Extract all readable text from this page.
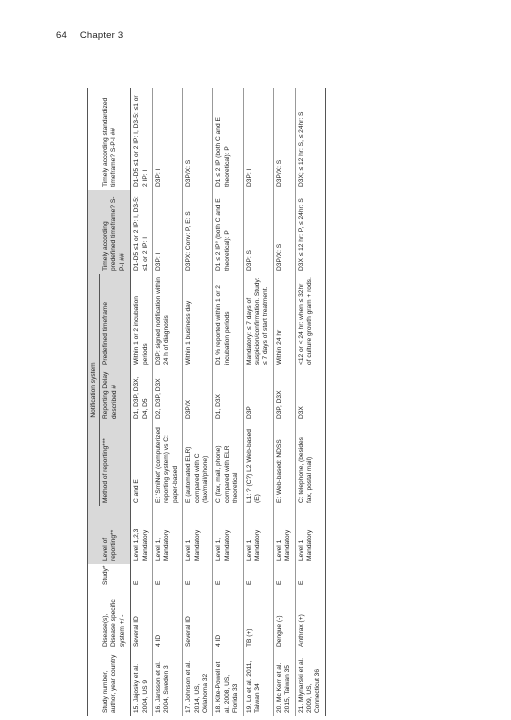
64 Chapter 3
				Notification system				
Study number, author, year country	Disease(s), Disease specific system +/ -	Study*	Level of reporting**	Method of reporting***	Reporting Delay described #	Predefined timeframe	Timely according predefined timeframe? S-P-I ##	Timely according standardized timeframe? S-P-I ##
15. Jajosky et al. 2004, US 9	Several ID	E	Level 1,2,3 Mandatory	C and E	D1, D3P, D3X, D4, D5	Within 1 or 2 incubation periods	D1-D5 ≤1 or 2 IP: I, D3-5: ≤1 or 2 IP: I	D1-D5 ≤1 or 2 IP: I, D3-5: ≤1 or 2 IP: I
16. Jansson et al. 2004, Sweden 3	4 ID	E	Level 1, Mandatory	E: 'SmiNet' (computerized reporting system) vs C: paper-based	D2, D3P, D3X	D3P: signed notification within 24 h of diagnosis	D3P: I	D3P: I
17. Johnson et al. 2014, US, Oklahoma 32	Several ID	E	Level 1 Mandatory	E (automated ELR) compared with C (fax/mail/phone)	D3P/X	Within 1 business day	D3PX: Conv: P, E: S	D3P/X: S
18. Kite-Powell et al. 2008, US, Florida 33	4 ID	E	Level 1, Mandatory	C (fax, mail, phone) compared with ELR theoretical	D1, D3X	D1 % reported within 1 or 2 incubation periods	D1 ≤ 2 IP° (both C and E theoretical): P	D1 ≤ 2 IP (both C and E theoretical): P
19. Lo et al. 2011, Taiwan 34	TB (+)	E	Level 1 Mandatory	L1: ? (C?) L2 Web-based (E)	D3P	Mandatory: ≤ 7 days of suspicion/confirmation. Study: ≤ 7 days of start treatment.	D3P: S	D3P: I
20. Mc Kerr et al. 2015, Taiwan 35	Dengue (-)	E	Level 1 Mandatory	E: Web-based: NDSS	D3P, D3X	Within 24 hr	D3P/X: S	D3P/X: S
21. Mlynarski et al. 2009, US, Connecticut 36	Anthrax (+)	E	Level 1 Mandatory	C: telephone, (besides fax, postal mail)	D3X	<12 or < 24 hr: when ≤ 32hr of culture growth gram + rods.	D3X ≤ 12 hr: P, ≤ 24hr: S	D3X; ≤ 12 hr: S, ≤ 24hr: S
